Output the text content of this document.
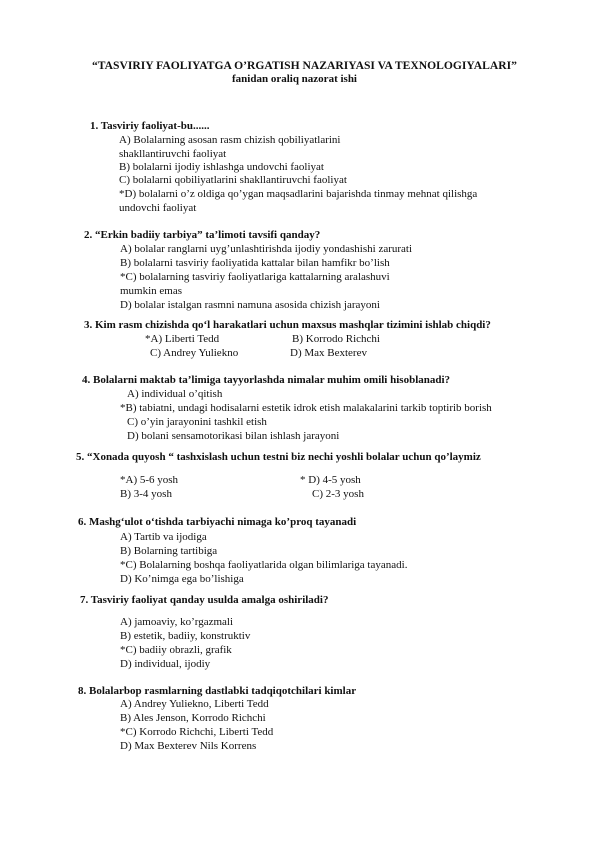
“TASVIRIY FAOLIYATGA O’RGATISH NAZARIYASI VA TEXNOLOGIYALARI”
fanidan oraliq nazorat ishi
1. Tasviriy faoliyat-bu......
A) Bolalarning asosan rasm chizish qobiliyatlarini
shakllantiruvchi faoliyat
B) bolalarni ijodiy ishlashga undovchi faoliyat
C) bolalarni qobiliyatlarini shakllantiruvchi faoliyat
*D) bolalarni o’z oldiga qo’ygan maqsadlarini bajarishda tinmay mehnat qilishga
undovchi faoliyat
2. “Erkin badiiy tarbiya” ta’limoti tavsifi qanday?
A) bolalar ranglarni uyg’unlashtirishda ijodiy yondashishi zarurati
B) bolalarni tasviriy faoliyatida kattalar bilan hamfikr bo’lish
*C) bolalarning tasviriy faoliyatlariga kattalarning aralashuvi
mumkin emas
D) bolalar istalgan rasmni namuna asosida chizish jarayoni
3. Kim rasm chizishda qo‘l harakatlari uchun maxsus mashqlar tizimini ishlab chiqdi?
*A) Liberti Tedd	B) Korrodo Richchi
C) Andrey Yuliekno	D) Max Bexterev
4. Bolalarni maktab ta’limiga tayyorlashda nimalar muhim omili hisoblanadi?
A) individual o’qitish
*B) tabiatni, undagi hodisalarni estetik idrok etish malakalarini tarkib toptirib borish
C) o’yin jarayonini tashkil etish
D) bolani sensamotorikasi bilan ishlash jarayoni
5. “Xonada quyosh “ tashxislash uchun testni biz nechi yoshli bolalar uchun qo’laymiz
*A) 5-6 yosh	* D) 4-5 yosh
B) 3-4 yosh	C) 2-3 yosh
6. Mashg‘ulot o‘tishda tarbiyachi nimaga ko’proq tayanadi
A) Tartib va ijodiga
B) Bolarning tartibiga
*C) Bolalarning boshqa faoliyatlarida olgan bilimlariga tayanadi.
D) Ko’nimga ega bo’lishiga
7. Tasviriy faoliyat qanday usulda amalga oshiriladi?
A) jamoaviy, ko’rgazmali
B) estetik, badiiy, konstruktiv
*C) badiiy obrazli, grafik
D) individual, ijodiy
8. Bolalarbop rasmlarning dastlabki tadqiqotchilari kimlar
A) Andrey Yuliekno, Liberti Tedd
B) Ales Jenson, Korrodo Richchi
*C) Korrodo Richchi, Liberti Tedd
D) Max Bexterev Nils Korrens
